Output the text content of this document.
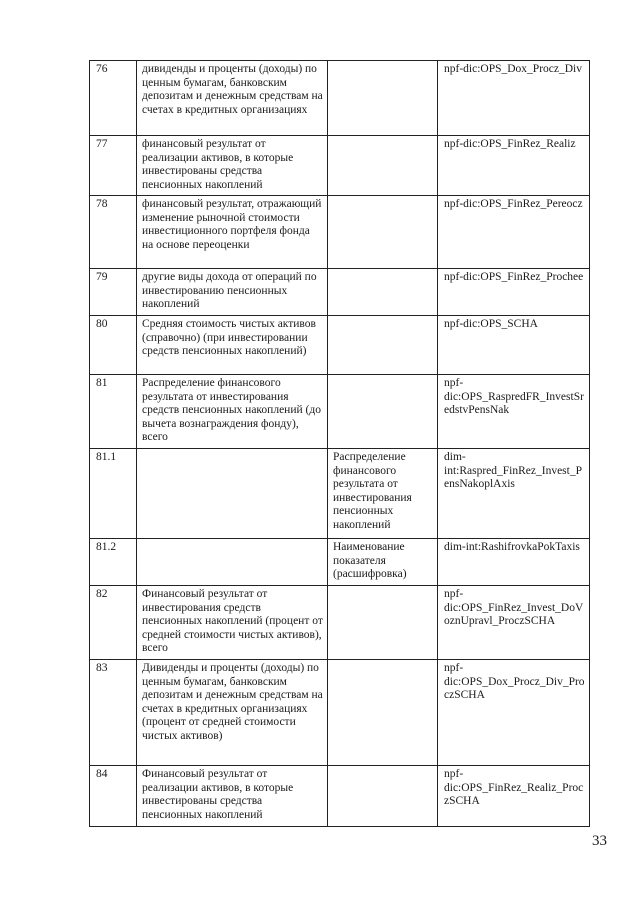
76	дивиденды и проценты (доходы) по ценным бумагам, банковским депозитам и денежным средствам на счетах в кредитных организациях		npf-dic:OPS_Dox_Procz_Div
77	финансовый результат от реализации активов, в которые инвестированы средства пенсионных накоплений		npf-dic:OPS_FinRez_Realiz
78	финансовый результат, отражающий изменение рыночной стоимости инвестиционного портфеля фонда на основе переоценки		npf-dic:OPS_FinRez_Pereocz
79	другие виды дохода от операций по инвестированию пенсионных накоплений		npf-dic:OPS_FinRez_Prochee
80	Средняя стоимость чистых активов (справочно) (при инвестировании средств пенсионных накоплений)		npf-dic:OPS_SCHA
81	Распределение финансового результата от инвестирования средств пенсионных накоплений (до вычета вознаграждения фонду), всего		npf-dic:OPS_RaspredFR_InvestSredstvPensNak
81.1		Распределение финансового результата от инвестирования пенсионных накоплений	dim-int:Raspred_FinRez_Invest_PensNakoplAxis
81.2		Наименование показателя (расшифровка)	dim-int:RashifrovkaPokTaxis
82	Финансовый результат от инвестирования средств пенсионных накоплений (процент от средней стоимости чистых активов), всего		npf-dic:OPS_FinRez_Invest_DoVoznUpravl_ProczSCHA
83	Дивиденды и проценты (доходы) по ценным бумагам, банковским депозитам и денежным средствам на счетах в кредитных организациях (процент от средней стоимости чистых активов)		npf-dic:OPS_Dox_Procz_Div_ProczSCHA
84	Финансовый результат от реализации активов, в которые инвестированы средства пенсионных накоплений		npf-dic:OPS_FinRez_Realiz_ProczSCHA
33
